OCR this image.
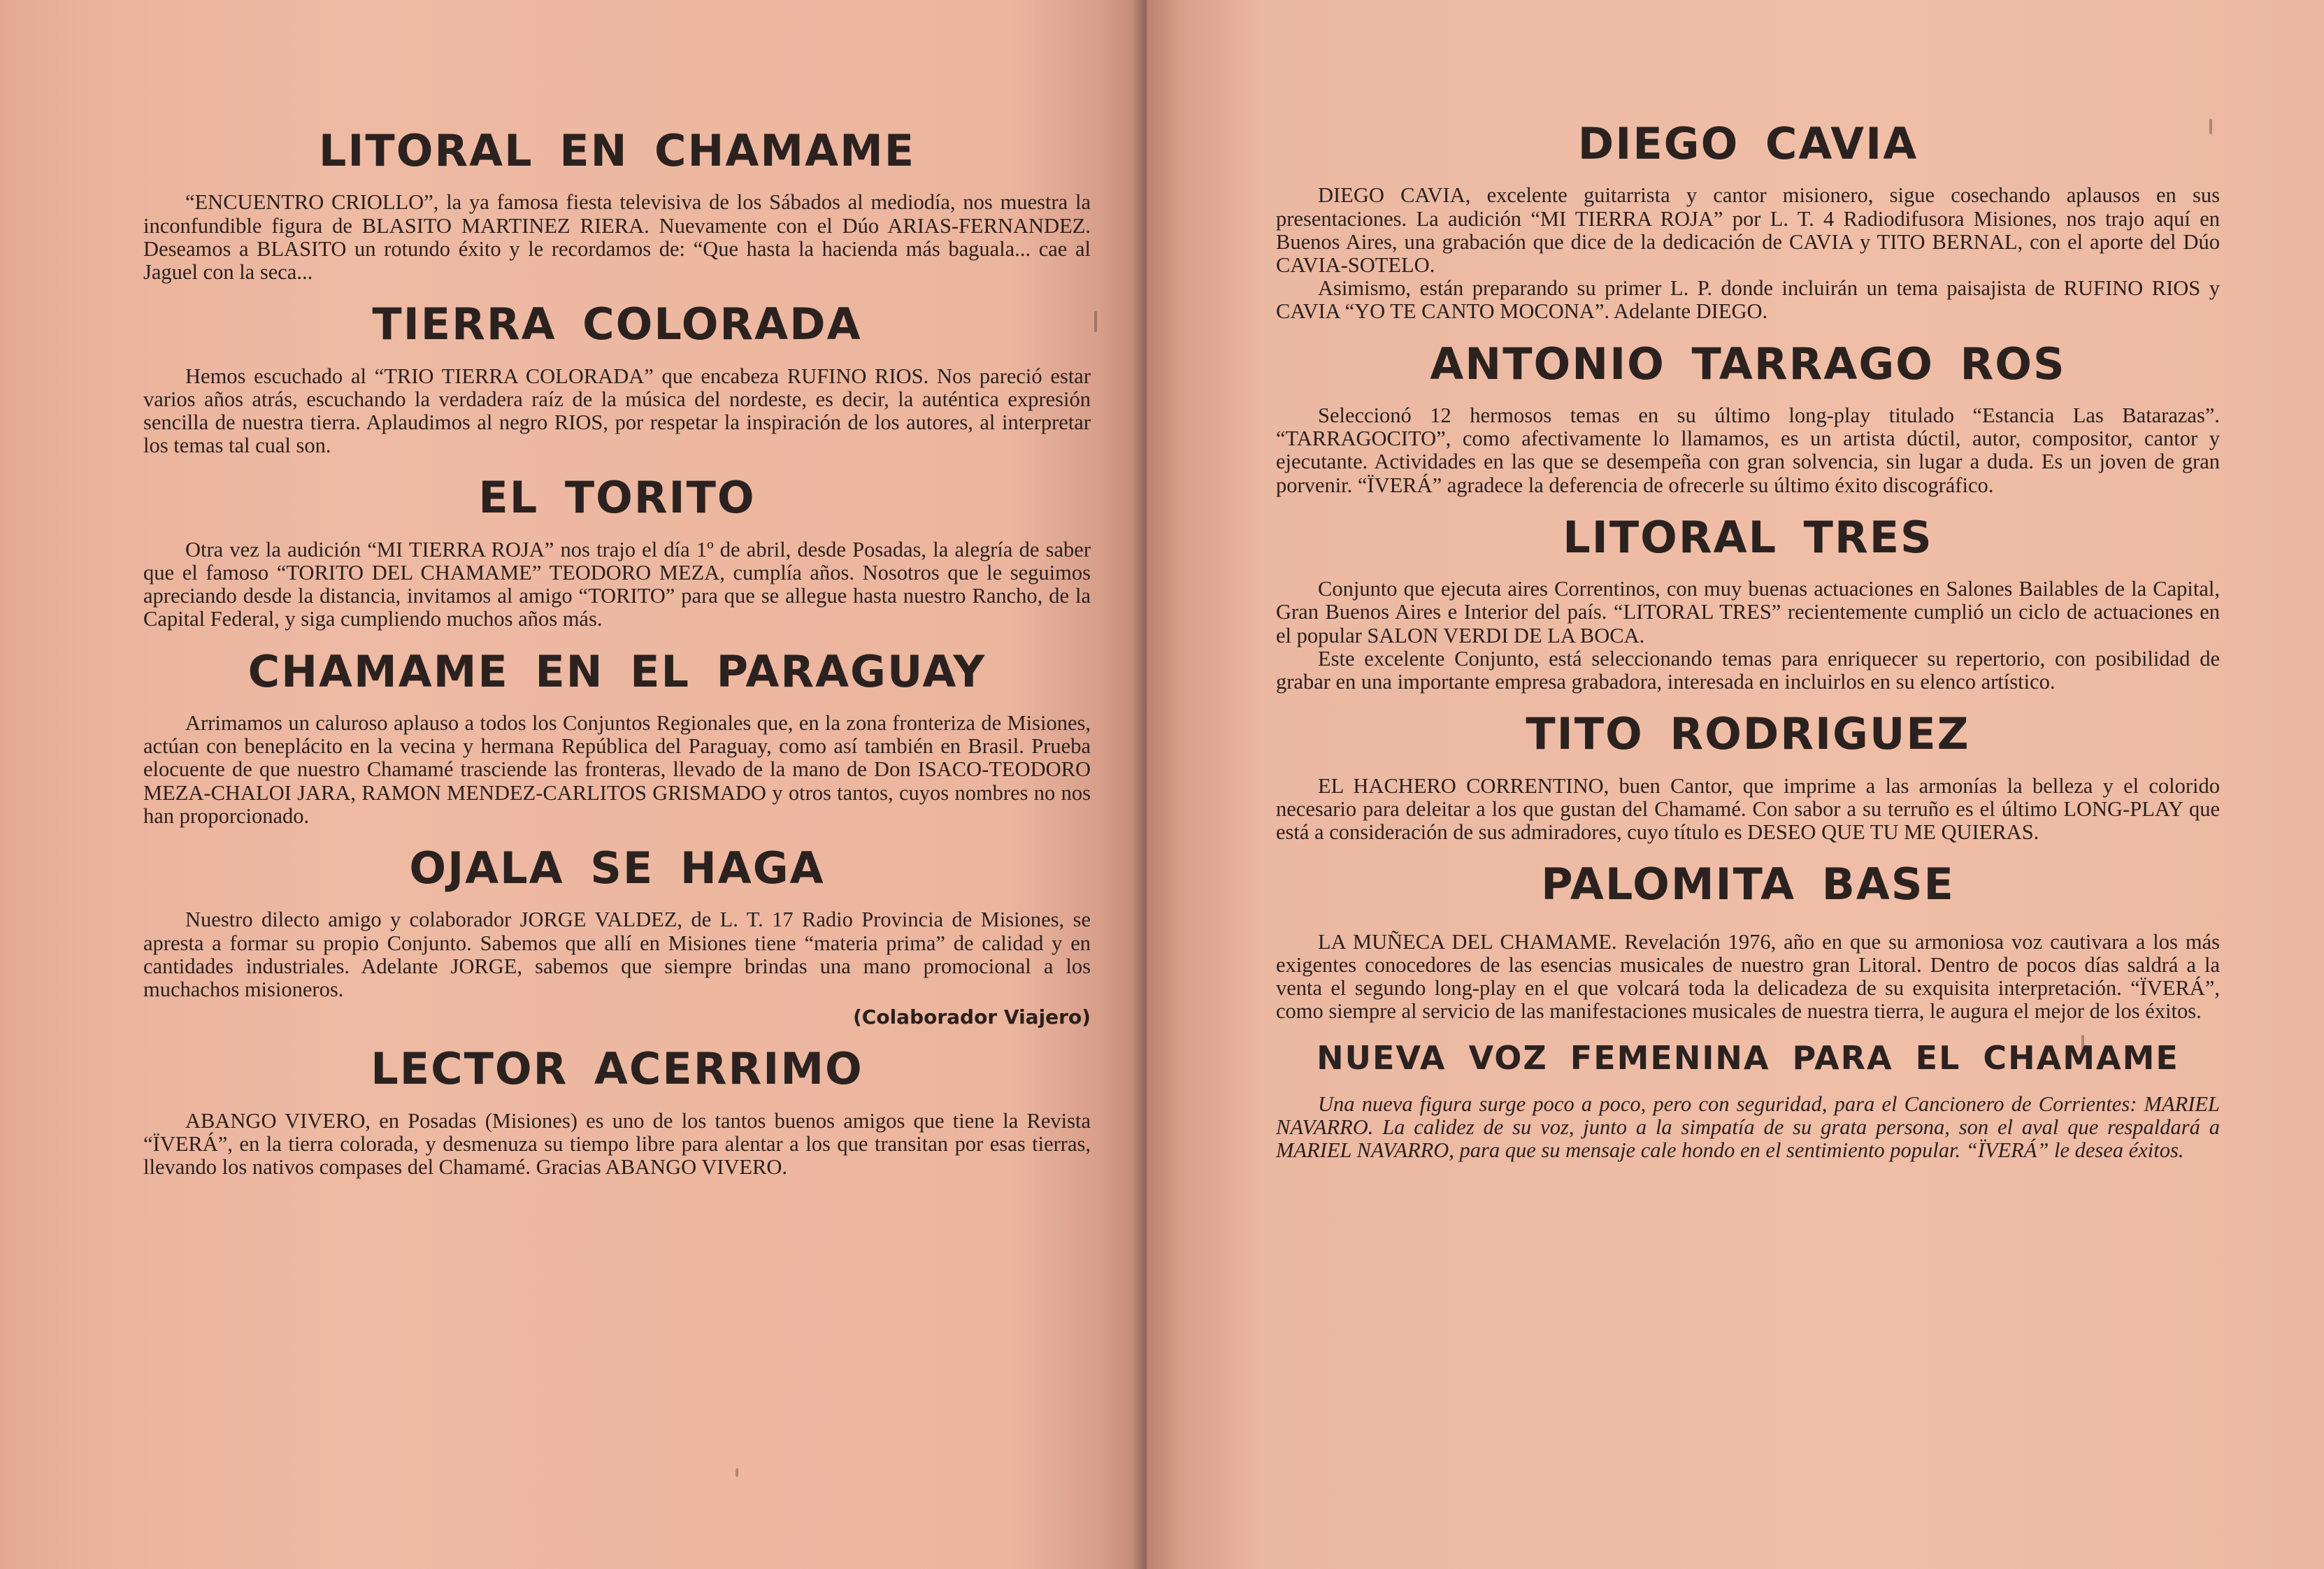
LITORAL EN CHAMAME

“ENCUENTRO CRIOLLO”, la ya famosa fiesta televisiva de los Sábados al mediodía, nos muestra la inconfundible figura de BLASITO MARTINEZ RIERA. Nuevamente con el Dúo ARIAS-FERNANDEZ. Deseamos a BLASITO un rotundo éxito y le recordamos de: “Que hasta la hacienda más baguala... cae al Jaguel con la seca...

TIERRA COLORADA

Hemos escuchado al “TRIO TIERRA COLORADA” que encabeza RUFINO RIOS. Nos pareció estar varios años atrás, escuchando la verdadera raíz de la música del nordeste, es decir, la auténtica expresión sencilla de nuestra tierra. Aplaudimos al negro RIOS, por respetar la inspiración de los autores, al interpretar los temas tal cual son.

EL TORITO

Otra vez la audición “MI TIERRA ROJA” nos trajo el día 1º de abril, desde Posadas, la alegría de saber que el famoso “TORITO DEL CHAMAME” TEODORO MEZA, cumplía años. Nosotros que le seguimos apreciando desde la distancia, invitamos al amigo “TORITO” para que se allegue hasta nuestro Rancho, de la Capital Federal, y siga cumpliendo muchos años más.

CHAMAME EN EL PARAGUAY

Arrimamos un caluroso aplauso a todos los Conjuntos Regionales que, en la zona fronteriza de Misiones, actúan con beneplácito en la vecina y hermana República del Paraguay, como así también en Brasil. Prueba elocuente de que nuestro Chamamé trasciende las fronteras, llevado de la mano de Don ISACO-TEODORO MEZA-CHALOI JARA, RAMON MENDEZ-CARLITOS GRISMADO y otros tantos, cuyos nombres no nos han proporcionado.

OJALA SE HAGA

Nuestro dilecto amigo y colaborador JORGE VALDEZ, de L. T. 17 Radio Provincia de Misiones, se apresta a formar su propio Conjunto. Sabemos que allí en Misiones tiene “materia prima” de calidad y en cantidades industriales. Adelante JORGE, sabemos que siempre brindas una mano promocional a los muchachos misioneros.

(Colaborador Viajero)
LECTOR ACERRIMO

ABANGO VIVERO, en Posadas (Misiones) es uno de los tantos buenos amigos que tiene la Revista “ÏVERÁ”, en la tierra colorada, y desmenuza su tiempo libre para alentar a los que transitan por esas tierras, llevando los nativos compases del Chamamé. Gracias ABANGO VIVERO.

DIEGO CAVIA

DIEGO CAVIA, excelente guitarrista y cantor misionero, sigue cosechando aplausos en sus presentaciones. La audición “MI TIERRA ROJA” por L. T. 4 Radiodifusora Misiones, nos trajo aquí en Buenos Aires, una grabación que dice de la dedicación de CAVIA y TITO BERNAL, con el aporte del Dúo CAVIA-SOTELO.

Asimismo, están preparando su primer L. P. donde incluirán un tema paisajista de RUFINO RIOS y CAVIA “YO TE CANTO MOCONA”. Adelante DIEGO.

ANTONIO TARRAGO ROS

Seleccionó 12 hermosos temas en su último long-play titulado “Estancia Las Batarazas”. “TARRAGOCITO”, como afectivamente lo llamamos, es un artista dúctil, autor, compositor, cantor y ejecutante. Actividades en las que se desempeña con gran solvencia, sin lugar a duda. Es un joven de gran porvenir. “ÏVERÁ” agradece la deferencia de ofrecerle su último éxito discográfico.

LITORAL TRES

Conjunto que ejecuta aires Correntinos, con muy buenas actuaciones en Salones Bailables de la Capital, Gran Buenos Aires e Interior del país. “LITORAL TRES” recientemente cumplió un ciclo de actuaciones en el popular SALON VERDI DE LA BOCA.

Este excelente Conjunto, está seleccionando temas para enriquecer su repertorio, con posibilidad de grabar en una importante empresa grabadora, interesada en incluirlos en su elenco artístico.

TITO RODRIGUEZ

EL HACHERO CORRENTINO, buen Cantor, que imprime a las armonías la belleza y el colorido necesario para deleitar a los que gustan del Chamamé. Con sabor a su terruño es el último LONG-PLAY que está a consideración de sus admiradores, cuyo título es DESEO QUE TU ME QUIERAS.

PALOMITA BASE

LA MUÑECA DEL CHAMAME. Revelación 1976, año en que su armoniosa voz cautivara a los más exigentes conocedores de las esencias musicales de nuestro gran Litoral. Dentro de pocos días saldrá a la venta el segundo long-play en el que volcará toda la delicadeza de su exquisita interpretación. “ÏVERÁ”, como siempre al servicio de las manifestaciones musicales de nuestra tierra, le augura el mejor de los éxitos.

NUEVA VOZ FEMENINA PARA EL CHAMAME

Una nueva figura surge poco a poco, pero con seguridad, para el Cancionero de Corrientes: MARIEL NAVARRO. La calidez de su voz, junto a la simpatía de su grata persona, son el aval que respaldará a MARIEL NAVARRO, para que su mensaje cale hondo en el sentimiento popular. “ÏVERÁ” le desea éxitos.
